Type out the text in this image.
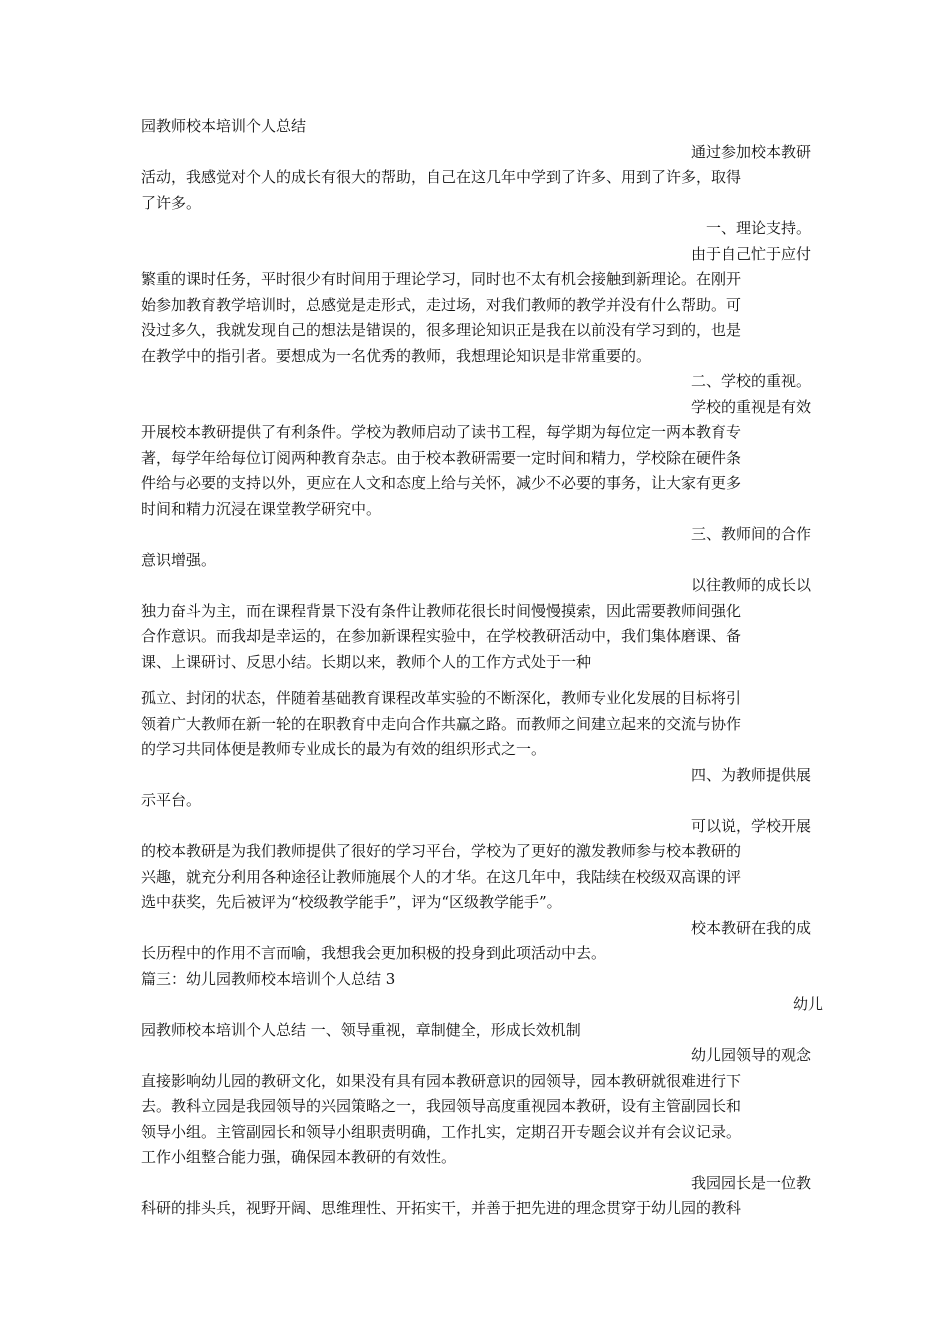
园教师校本培训个人总结
通过参加校本教研
活动，我感觉对个人的成长有很大的帮助，自己在这几年中学到了许多、用到了许多，取得
了许多。
一、理论支持。
由于自己忙于应付
繁重的课时任务，平时很少有时间用于理论学习，同时也不太有机会接触到新理论。在刚开
始参加教育教学培训时，总感觉是走形式，走过场，对我们教师的教学并没有什么帮助。可
没过多久，我就发现自己的想法是错误的，很多理论知识正是我在以前没有学习到的，也是
在教学中的指引者。要想成为一名优秀的教师，我想理论知识是非常重要的。
二、学校的重视。
学校的重视是有效
开展校本教研提供了有利条件。学校为教师启动了读书工程，每学期为每位定一两本教育专
著，每学年给每位订阅两种教育杂志。由于校本教研需要一定时间和精力，学校除在硬件条
件给与必要的支持以外，更应在人文和态度上给与关怀，减少不必要的事务，让大家有更多
时间和精力沉浸在课堂教学研究中。
三、教师间的合作
意识增强。
以往教师的成长以
独力奋斗为主，而在课程背景下没有条件让教师花很长时间慢慢摸索，因此需要教师间强化
合作意识。而我却是幸运的，在参加新课程实验中，在学校教研活动中，我们集体磨课、备
课、上课研讨、反思小结。长期以来，教师个人的工作方式处于一种
孤立、封闭的状态，伴随着基础教育课程改革实验的不断深化，教师专业化发展的目标将引
领着广大教师在新一轮的在职教育中走向合作共赢之路。而教师之间建立起来的交流与协作
的学习共同体便是教师专业成长的最为有效的组织形式之一。
四、为教师提供展
示平台。
可以说，学校开展
的校本教研是为我们教师提供了很好的学习平台，学校为了更好的激发教师参与校本教研的
兴趣，就充分利用各种途径让教师施展个人的才华。在这几年中，我陆续在校级双高课的评
选中获奖，先后被评为“校级教学能手”，评为“区级教学能手”。
校本教研在我的成
长历程中的作用不言而喻，我想我会更加积极的投身到此项活动中去。
篇三：幼儿园教师校本培训个人总结 3
幼儿
园教师校本培训个人总结 一、领导重视，章制健全，形成长效机制
幼儿园领导的观念
直接影响幼儿园的教研文化，如果没有具有园本教研意识的园领导，园本教研就很难进行下
去。教科立园是我园领导的兴园策略之一，我园领导高度重视园本教研，设有主管副园长和
领导小组。主管副园长和领导小组职责明确，工作扎实，定期召开专题会议并有会议记录。
工作小组整合能力强，确保园本教研的有效性。
我园园长是一位教
科研的排头兵，视野开阔、思维理性、开拓实干，并善于把先进的理念贯穿于幼儿园的教科
